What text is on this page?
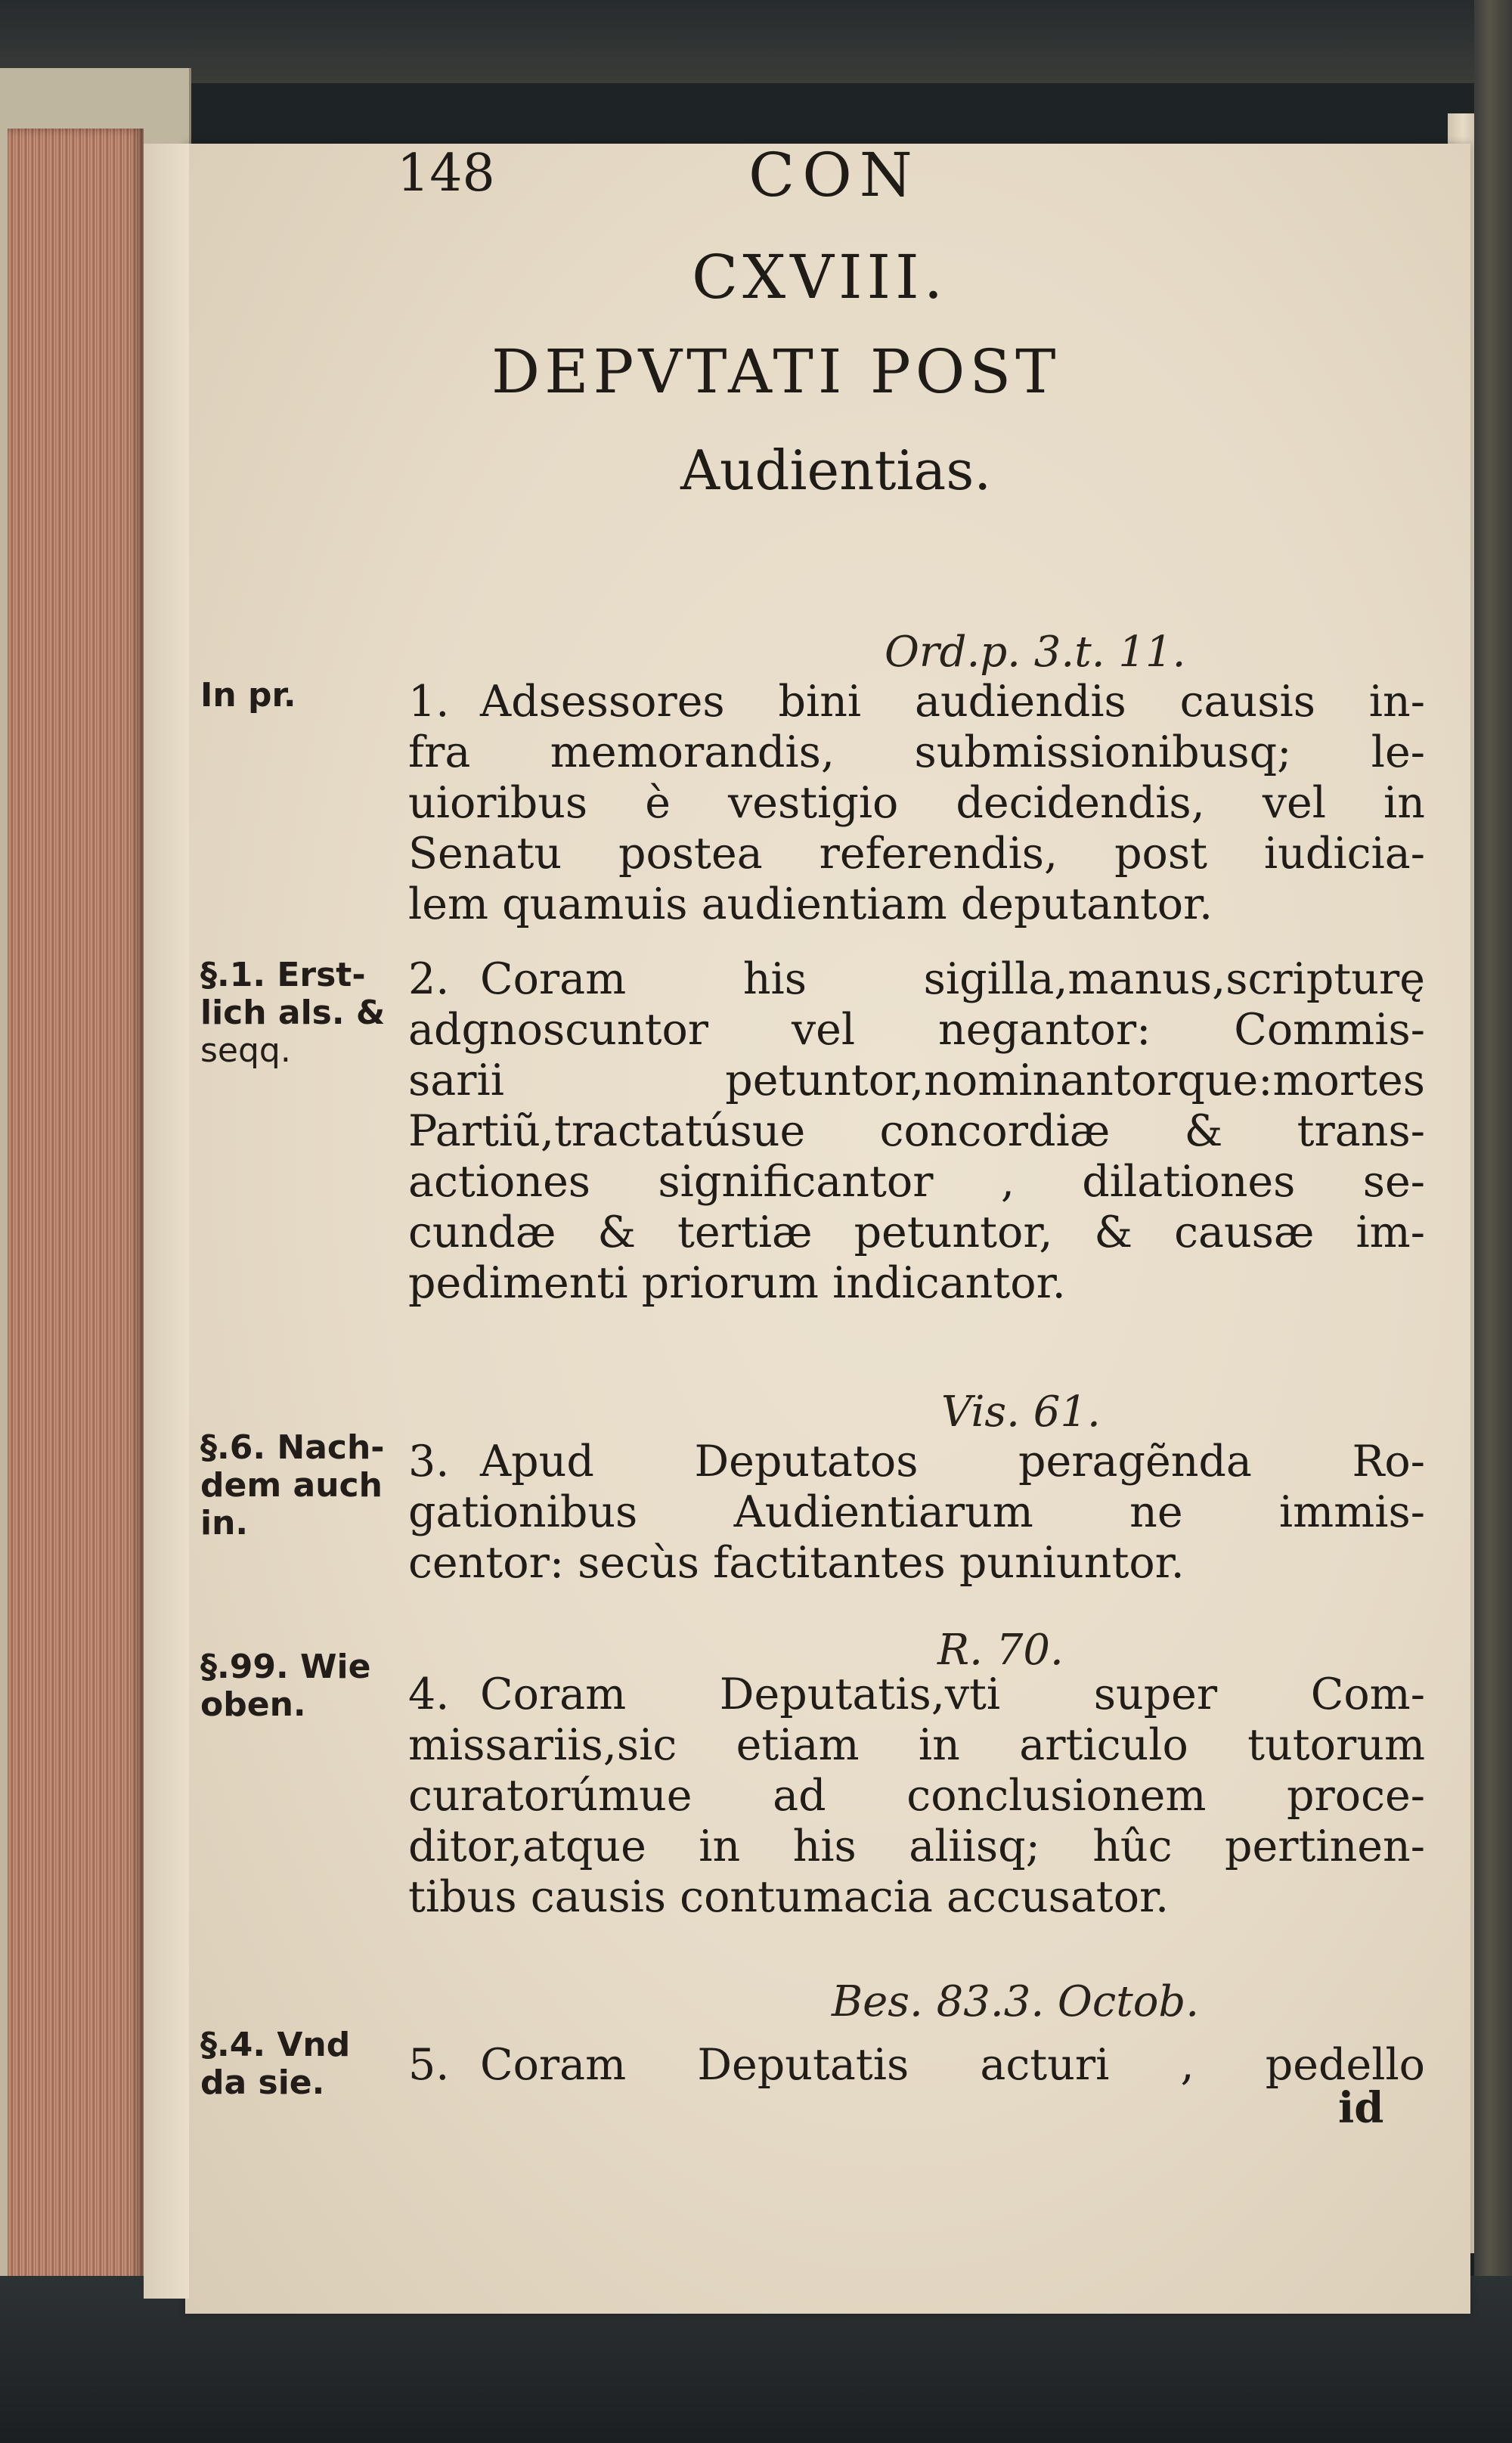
148	CON
CXVIII.
DEPVTATI POST
Audientias.
Ord.p. 3.t. 11.
Vis. 61.
R. 70.
Bes. 83.3. Octob.
In pr.
§.1. Erst-
lich als. &
seqq.
§.6. Nach-
dem auch
in.
§.99. Wie
oben.
§.4. Vnd
da sie.
1. Adsessores bini audiendis causis in-
fra memorandis, submissionibusq; le-
uioribus è vestigio decidendis, vel in
Senatu postea referendis, post iudicia-
lem quamuis audientiam deputantor.
2. Coram his sigilla,manus,scripturę
adgnoscuntor vel negantor: Commis-
sarii petuntor,nominantorque:mortes
Partiũ,tractatúsue concordiæ & trans-
actiones significantor , dilationes se-
cundæ & tertiæ petuntor, & causæ im-
pedimenti priorum indicantor.
3. Apud Deputatos peragẽnda Ro-
gationibus Audientiarum ne immis-
centor: secùs factitantes puniuntor.
4. Coram Deputatis,vti super Com-
missariis,sic etiam in articulo tutorum
curatorúmue ad conclusionem proce-
ditor,atque in his aliisq; hûc pertinen-
tibus causis contumacia accusator.
5. Coram Deputatis acturi , pedello
id
